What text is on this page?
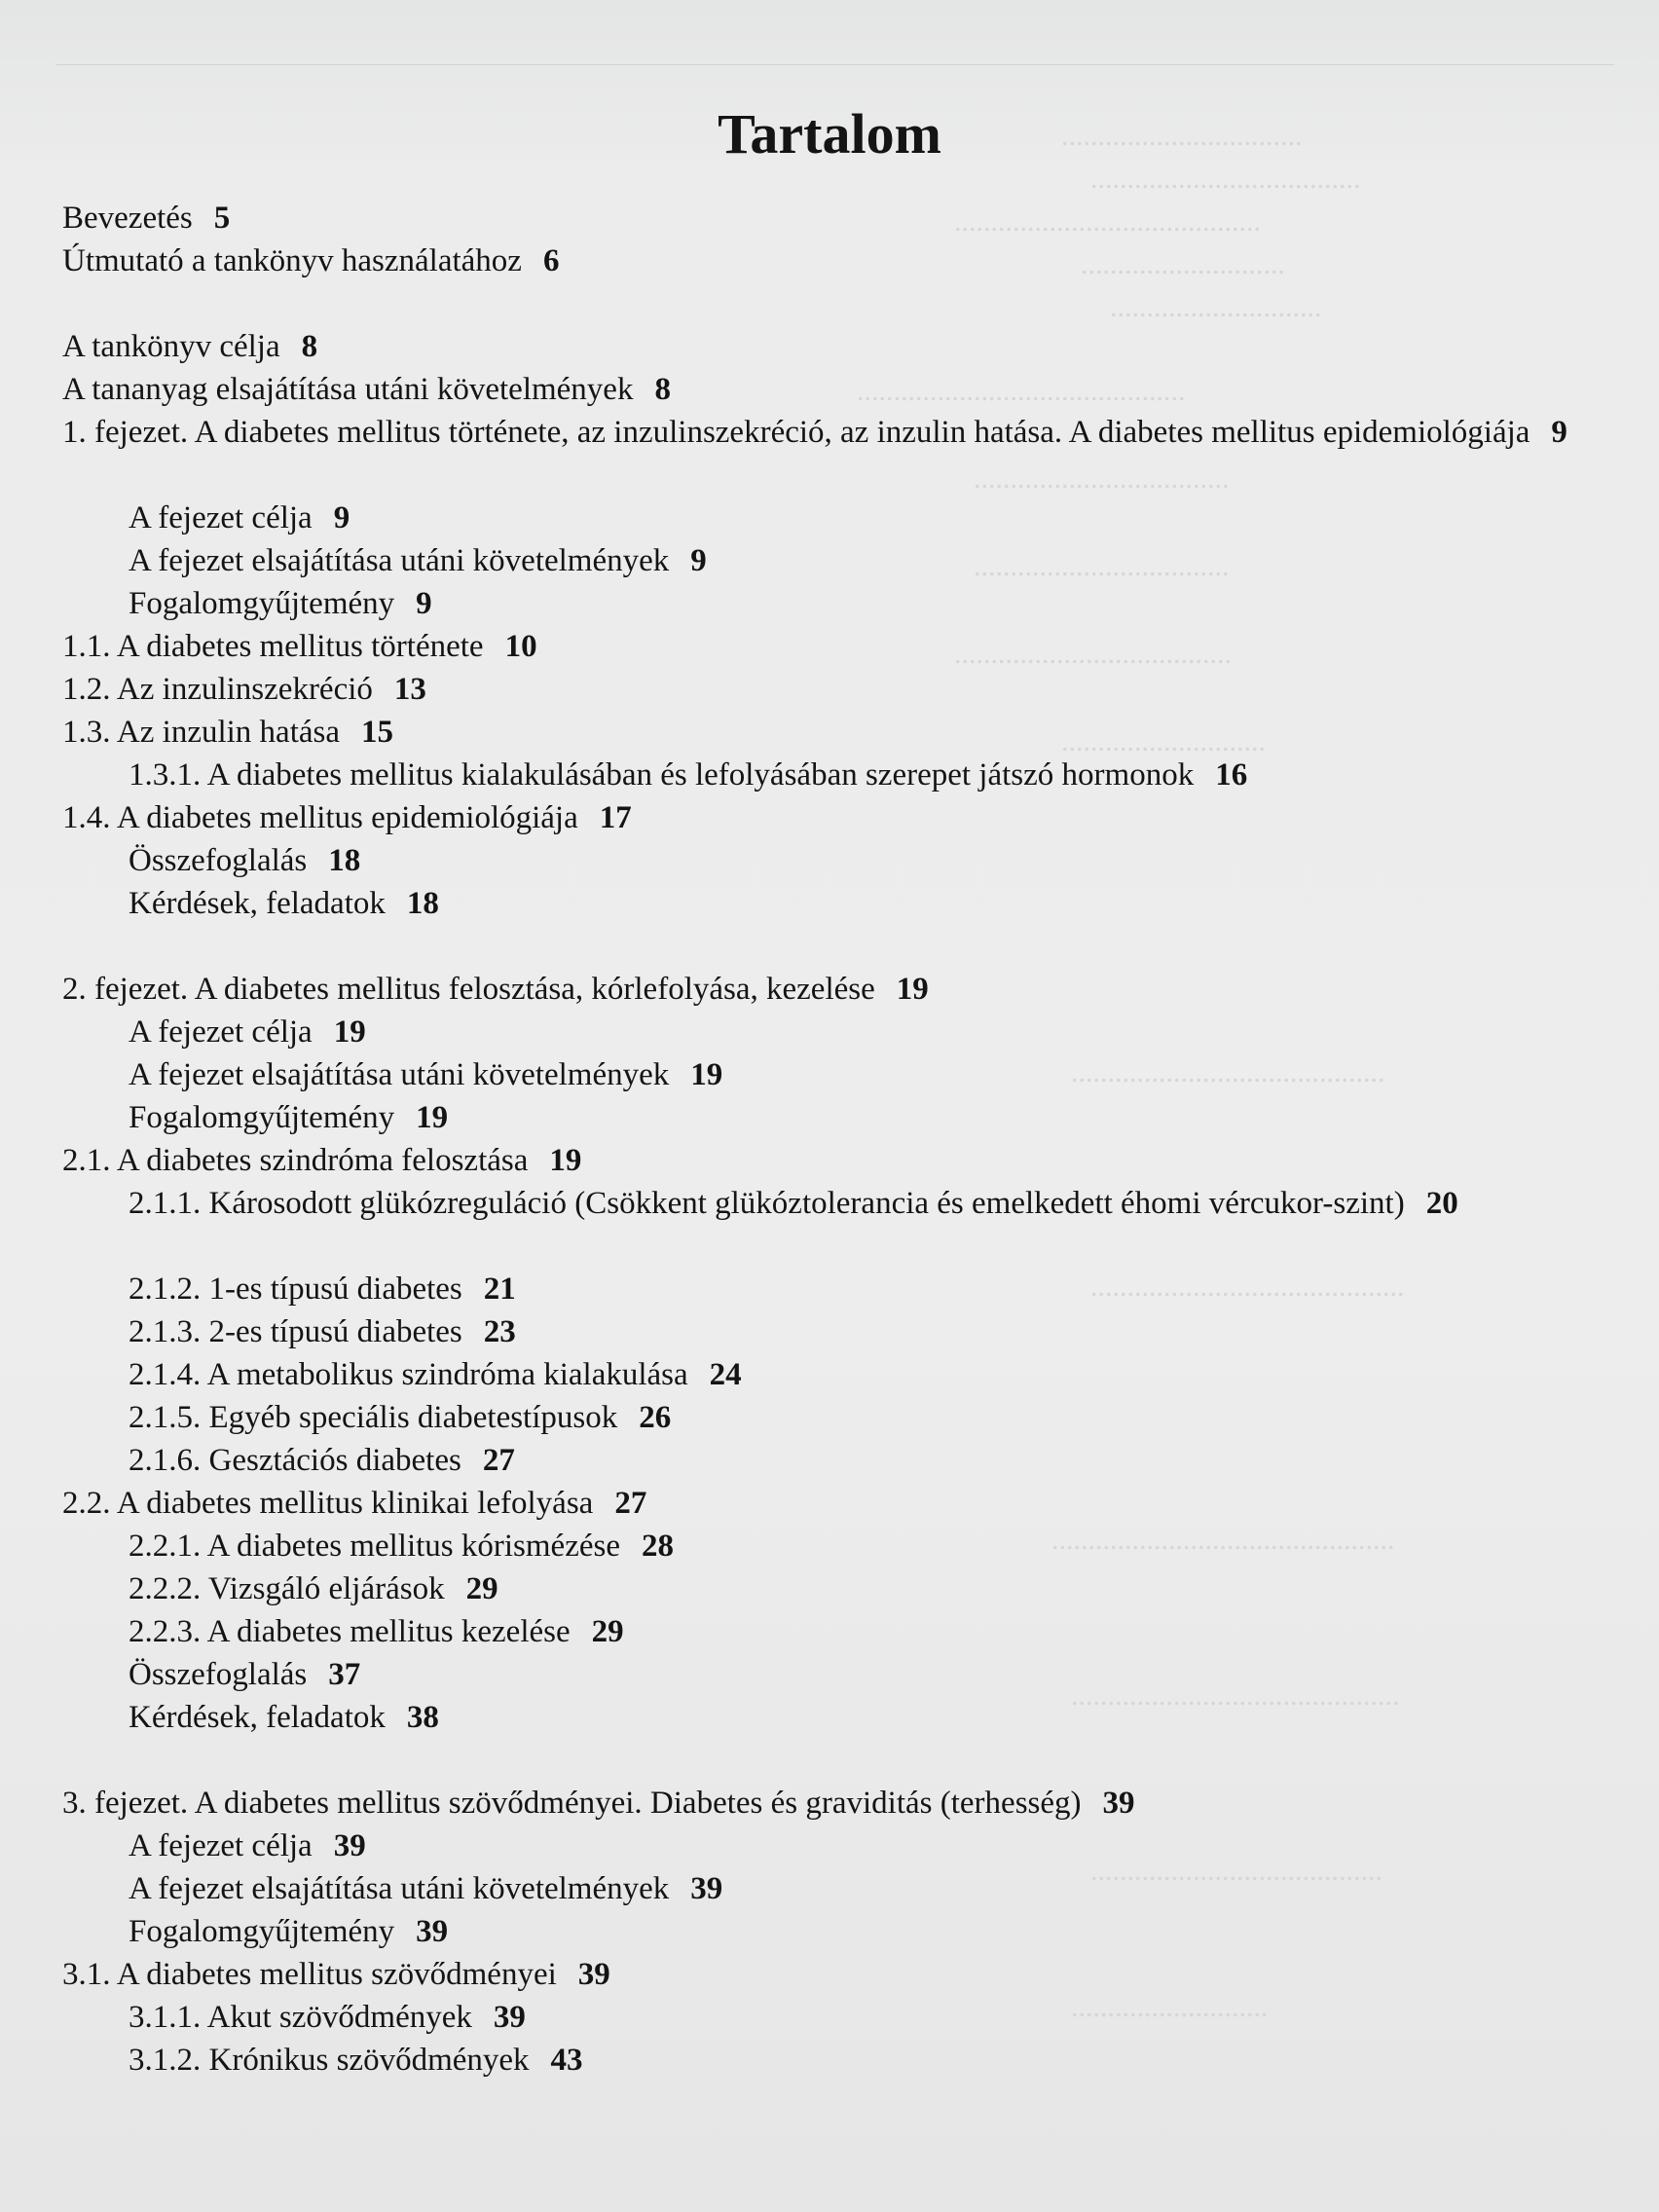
.................................
.....................................
..........................................
............................
.............................
.............................................
...................................
...................................
......................................
............................
...........................................
...........................................
...............................................
.............................................
........................................
...........................
Tartalom
Bevezetés 5
Útmutató a tankönyv használatához 6
A tankönyv célja 8
A tananyag elsajátítása utáni követelmények 8
1. fejezet. A diabetes mellitus története, az inzulinszekréció, az inzulin hatása. A diabetes mellitus epidemiológiája 9
A fejezet célja 9
A fejezet elsajátítása utáni követelmények 9
Fogalomgyűjtemény 9
1.1. A diabetes mellitus története 10
1.2. Az inzulinszekréció 13
1.3. Az inzulin hatása 15
1.3.1. A diabetes mellitus kialakulásában és lefolyásában szerepet játszó hormonok 16
1.4. A diabetes mellitus epidemiológiája 17
Összefoglalás 18
Kérdések, feladatok 18
2. fejezet. A diabetes mellitus felosztása, kórlefolyása, kezelése 19
A fejezet célja 19
A fejezet elsajátítása utáni követelmények 19
Fogalomgyűjtemény 19
2.1. A diabetes szindróma felosztása 19
2.1.1. Károsodott glükózreguláció (Csökkent glükóztolerancia és emelkedett éhomi vércukor-szint) 20
2.1.2. 1-es típusú diabetes 21
2.1.3. 2-es típusú diabetes 23
2.1.4. A metabolikus szindróma kialakulása 24
2.1.5. Egyéb speciális diabetestípusok 26
2.1.6. Gesztációs diabetes 27
2.2. A diabetes mellitus klinikai lefolyása 27
2.2.1. A diabetes mellitus kórismézése 28
2.2.2. Vizsgáló eljárások 29
2.2.3. A diabetes mellitus kezelése 29
Összefoglalás 37
Kérdések, feladatok 38
3. fejezet. A diabetes mellitus szövődményei. Diabetes és graviditás (terhesség) 39
A fejezet célja 39
A fejezet elsajátítása utáni követelmények 39
Fogalomgyűjtemény 39
3.1. A diabetes mellitus szövődményei 39
3.1.1. Akut szövődmények 39
3.1.2. Krónikus szövődmények 43
